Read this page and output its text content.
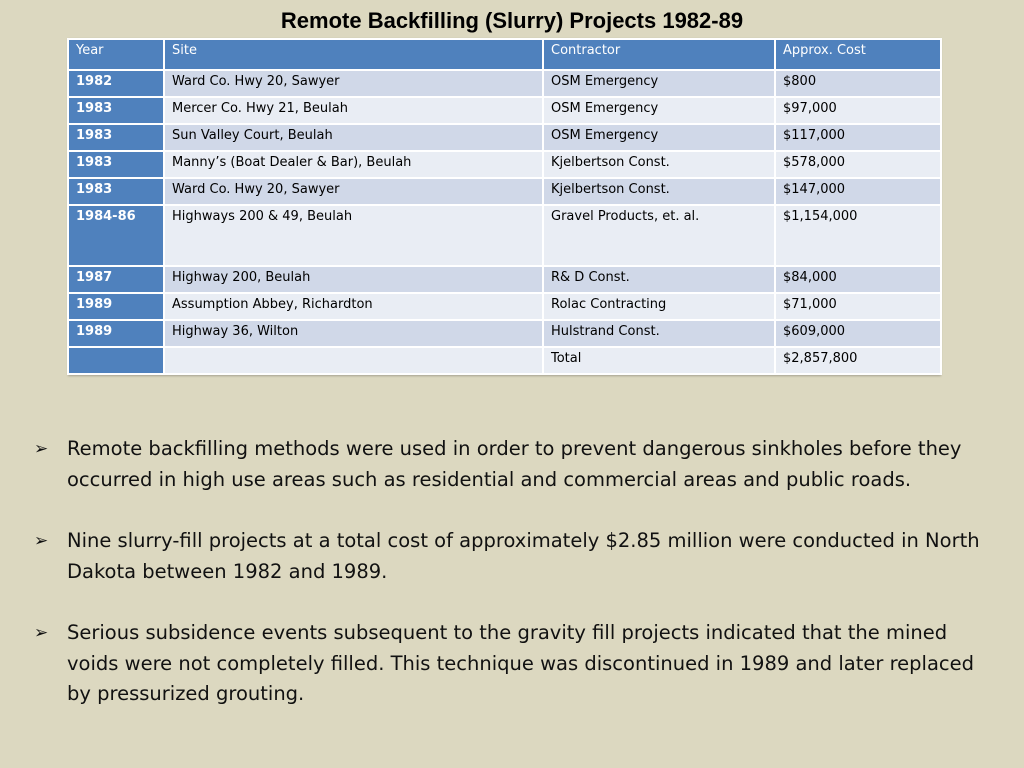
Remote Backfilling (Slurry) Projects 1982-89
Year	Site	Contractor	Approx. Cost
1982	Ward Co. Hwy 20, Sawyer	OSM Emergency	$800
1983	Mercer Co. Hwy 21, Beulah	OSM Emergency	$97,000
1983	Sun Valley Court, Beulah	OSM Emergency	$117,000
1983	Manny’s (Boat Dealer & Bar), Beulah	Kjelbertson Const.	$578,000
1983	Ward Co. Hwy 20, Sawyer	Kjelbertson Const.	$147,000
1984-86	Highways 200 & 49, Beulah	Gravel Products, et. al.	$1,154,000
1987	Highway 200, Beulah	R& D Const.	$84,000
1989	Assumption Abbey, Richardton	Rolac Contracting	$71,000
1989	Highway 36, Wilton	Hulstrand Const.	$609,000
		Total	$2,857,800
➢ Remote backfilling methods were used in order to prevent dangerous sinkholes before they occurred in high use areas such as residential and commercial areas and public roads.
➢ Nine slurry-fill projects at a total cost of approximately $2.85 million were conducted in North Dakota between 1982 and 1989.
➢ Serious subsidence events subsequent to the gravity fill projects indicated that the mined voids were not completely filled. This technique was discontinued in 1989 and later replaced by pressurized grouting.
